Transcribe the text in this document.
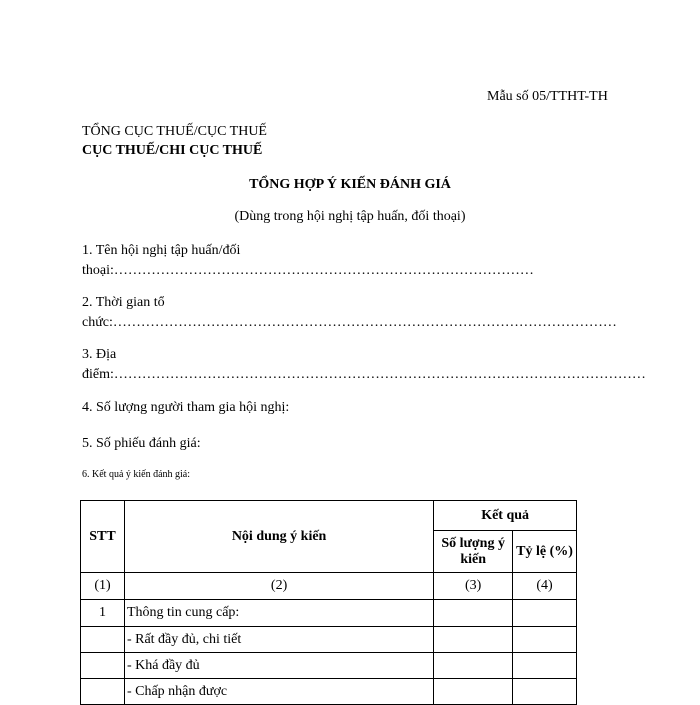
Mẫu số 05/TTHT-TH
TỔNG CỤC THUẾ/CỤC THUẾ
CỤC THUẾ/CHI CỤC THUẾ
TỔNG HỢP Ý KIẾN ĐÁNH GIÁ
(Dùng trong hội nghị tập huấn, đối thoại)
1. Tên hội nghị tập huấn/đối
thoại:………………………………………………………………………………
2. Thời gian tổ
chức:………………………………………………………………………………………………
3. Địa
điểm:……………………………………………………………………………………………………
4. Số lượng người tham gia hội nghị:
5. Số phiếu đánh giá:
6. Kết quả ý kiến đánh giá:
STT	Nội dung ý kiến	Kết quả	
		Số lượng ý kiến	Tỷ lệ (%)
(1)	(2)	(3)	(4)
1	Thông tin cung cấp:		
	- Rất đầy đủ, chi tiết		
	- Khá đầy đủ		
	- Chấp nhận được		
